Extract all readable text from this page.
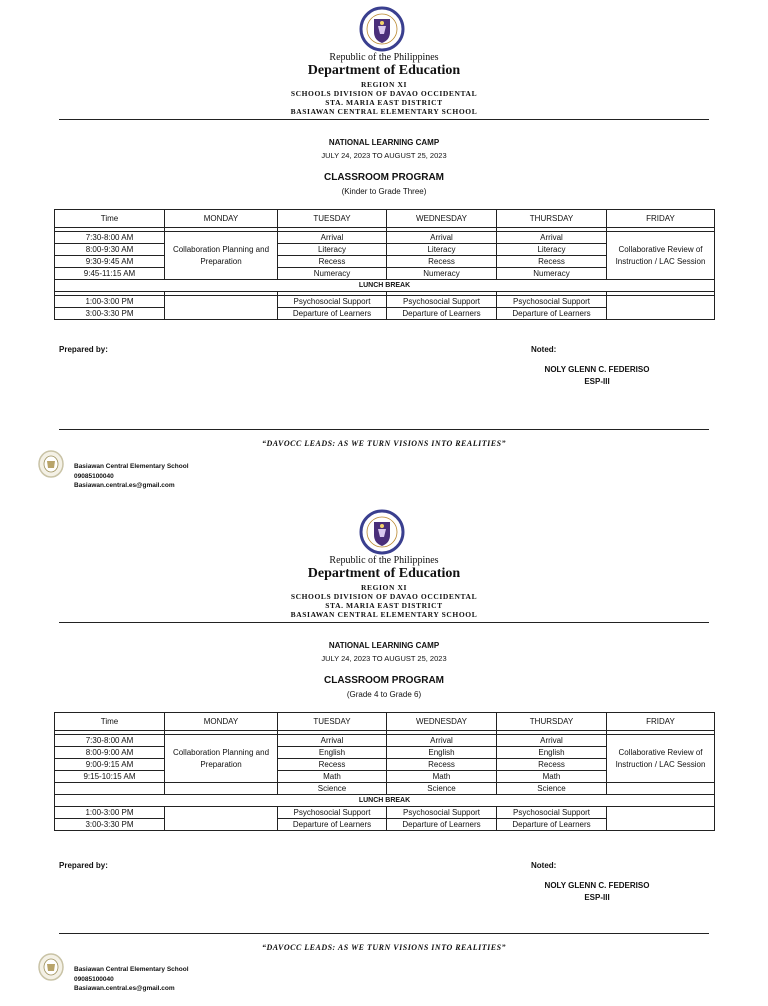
Republic of the Philippines

Department of Education

REGION XI

SCHOOLS DIVISION OF DAVAO OCCIDENTAL

STA. MARIA EAST DISTRICT

BASIAWAN CENTRAL ELEMENTARY SCHOOL

NATIONAL LEARNING CAMP
JULY 24, 2023 TO AUGUST 25, 2023
CLASSROOM PROGRAM
(Kinder to Grade Three)
Time	MONDAY	TUESDAY	WEDNESDAY	THURSDAY	FRIDAY

7:30-8:00 AM	Collaboration Planning and Preparation	Arrival	Arrival	Arrival	Collaborative Review of Instruction / LAC Session
8:00-9:30 AM		Literacy	Literacy	Literacy	
9:30-9:45 AM		Recess	Recess	Recess	
9:45-11:15 AM		Numeracy	Numeracy	Numeracy	
LUNCH BREAK					

1:00-3:00 PM		Psychosocial Support	Psychosocial Support	Psychosocial Support	
3:00-3:30 PM		Departure of Learners	Departure of Learners	Departure of Learners	
Prepared by:	Noted:
NOLY GLENN C. FEDERISO
ESP-III
“DAVOCC LEADS: AS WE TURN VISIONS INTO REALITIES”
Basiawan Central Elementary School
09085100040
Basiawan.central.es@gmail.com

Republic of the Philippines

Department of Education

REGION XI

SCHOOLS DIVISION OF DAVAO OCCIDENTAL

STA. MARIA EAST DISTRICT

BASIAWAN CENTRAL ELEMENTARY SCHOOL

NATIONAL LEARNING CAMP
JULY 24, 2023 TO AUGUST 25, 2023
CLASSROOM PROGRAM
(Grade 4 to Grade 6)
Time	MONDAY	TUESDAY	WEDNESDAY	THURSDAY	FRIDAY

7:30-8:00 AM	Collaboration Planning and Preparation	Arrival	Arrival	Arrival	Collaborative Review of Instruction / LAC Session
8:00-9:00 AM		English	English	English	
9:00-9:15 AM		Recess	Recess	Recess	
9:15-10:15 AM		Math	Math	Math	
		Science	Science	Science	
LUNCH BREAK					
1:00-3:00 PM		Psychosocial Support	Psychosocial Support	Psychosocial Support	
3:00-3:30 PM		Departure of Learners	Departure of Learners	Departure of Learners	
Prepared by:	Noted:
NOLY GLENN C. FEDERISO
ESP-III
“DAVOCC LEADS: AS WE TURN VISIONS INTO REALITIES”
Basiawan Central Elementary School
09085100040
Basiawan.central.es@gmail.com
